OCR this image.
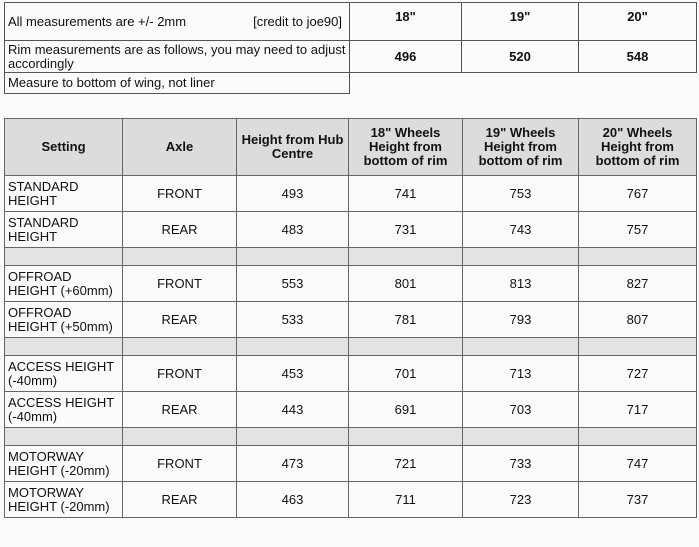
All measurements are +/- 2mm [credit to joe90]	18"	19"	20"
Rim measurements are as follows, you may need to adjust accordingly	496	520	548
Measure to bottom of wing, not liner			
Setting	Axle	Height from Hub Centre	18" Wheels Height from bottom of rim	19" Wheels Height from bottom of rim	20" Wheels Height from bottom of rim
STANDARD HEIGHT	FRONT	493	741	753	767
STANDARD HEIGHT	REAR	483	731	743	757

OFFROAD HEIGHT (+60mm)	FRONT	553	801	813	827
OFFROAD HEIGHT (+50mm)	REAR	533	781	793	807

ACCESS HEIGHT (-40mm)	FRONT	453	701	713	727
ACCESS HEIGHT (-40mm)	REAR	443	691	703	717

MOTORWAY HEIGHT (-20mm)	FRONT	473	721	733	747
MOTORWAY HEIGHT (-20mm)	REAR	463	711	723	737
